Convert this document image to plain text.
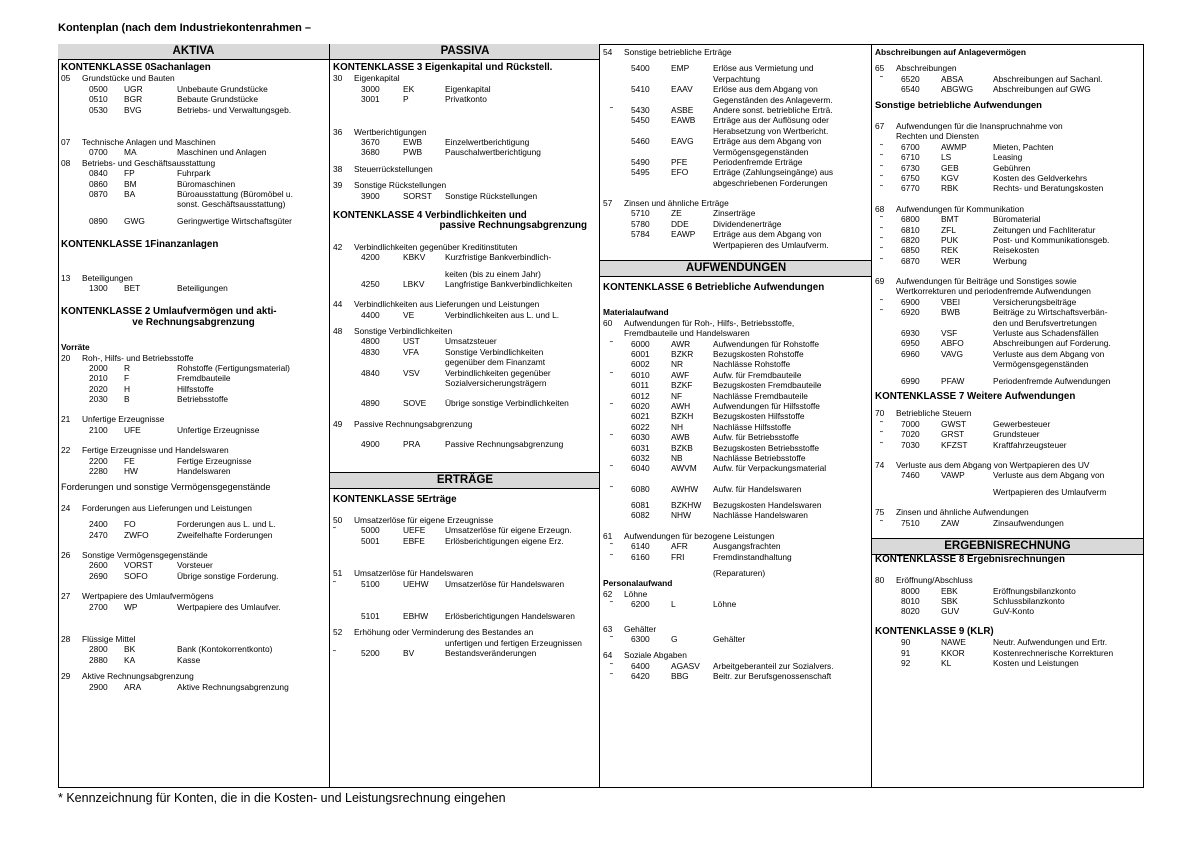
Kontenplan (nach dem Industriekontenrahmen –
AKTIVA
KONTENKLASSE 0Sachanlagen
05 Grundstücke und Bauten
0500 UGR	Unbebaute Grundstücke
0510 BGR	Bebaute Grundstücke
0530 BVG	Betriebs- und Verwaltungsgeb.
07 Technische Anlagen und Maschinen
0700 MA	Maschinen und Anlagen
08 Betriebs- und Geschäftsausstattung
0840 FP	Fuhrpark
0860 BM	Büromaschinen
0870 BA	Büroausstattung (Büromöbel u.
sonst. Geschäftsausstattung)
0890 GWG	Geringwertige Wirtschaftsgüter
KONTENKLASSE 1Finanzanlagen
13 Beteiligungen
1300 BET	Beteiligungen
KONTENKLASSE 2 Umlaufvermögen und akti-
ve Rechnungsabgrenzung
Vorräte
20 Roh-, Hilfs- und Betriebsstoffe
2000 R	Rohstoffe (Fertigungsmaterial)
2010 F	Fremdbauteile
2020 H	Hilfsstoffe
2030 B	Betriebsstoffe
21 Unfertige Erzeugnisse
2100 UFE	Unfertige Erzeugnisse
22 Fertige Erzeugnisse und Handelswaren
2200 FE	Fertige Erzeugnisse
2280 HW	Handelswaren
Forderungen und sonstige Vermögensgegenstände
24 Forderungen aus Lieferungen und Leistungen
2400 FO	Forderungen aus L. und L.
2470 ZWFO	Zweifelhafte Forderungen
26 Sonstige Vermögensgegenstände
2600 VORST	Vorsteuer
2690 SOFO	Übrige sonstige Forderung.
27 Wertpapiere des Umlaufvermögens
2700 WP	Wertpapiere des Umlaufver.
28 Flüssige Mittel
2800 BK	Bank (Kontokorrentkonto)
2880 KA	Kasse
29 Aktive Rechnungsabgrenzung
2900 ARA	Aktive Rechnungsabgrenzung
PASSIVA
KONTENKLASSE 3 Eigenkapital und Rückstell.
30 Eigenkapital
3000	EK	Eigenkapital
3001	P	Privatkonto
36 Wertberichtigungen
3670	EWB	Einzelwertberichtigung
3680	PWB	Pauschalwertberichtigung
38 Steuerrückstellungen
39 Sonstige Rückstellungen
3900	SORST Sonstige Rückstellungen
KONTENKLASSE 4 Verbindlichkeiten und
passive Rechnungsabgrenzung
42 Verbindlichkeiten gegenüber Kreditinstituten
4200	KBKV Kurzfristige Bankverbindlich-
keiten (bis zu einem Jahr)
4250	LBKV Langfristige Bankverbindlichkeiten
44 Verbindlichkeiten aus Lieferungen und Leistungen
4400	VE	Verbindlichkeiten aus L. und L.
48 Sonstige Verbindlichkeiten
4800	UST	Umsatzsteuer
4830	VFA	Sonstige Verbindlichkeiten
gegenüber dem Finanzamt
4840	VSV	Verbindlichkeiten gegenüber
Sozialversicherungsträgern
4890	SOVE Übrige sonstige Verbindlichkeiten
49 Passive Rechnungsabgrenzung
4900	PRA	Passive Rechnungsabgrenzung
ERTRÄGE
KONTENKLASSE 5Erträge
50 Umsatzerlöse für eigene Erzeugnisse
˜	5000	UEFE Umsatzerlöse für eigene Erzeugn.
5001	EBFE Erlösberichtigungen eigene Erz.
51 Umsatzerlöse für Handelswaren
˜	5100	UEHW Umsatzerlöse für Handelswaren
5101	EBHW Erlösberichtigungen Handelswaren
52 Erhöhung oder Verminderung des Bestandes an
unfertigen und fertigen Erzeugnissen
˜	5200	BV	Bestandsveränderungen
54 Sonstige betriebliche Erträge
5400	EMP	Erlöse aus Vermietung und
Verpachtung
5410	EAAV Erlöse aus dem Abgang von
Gegenständen des Anlageverm.
˜ 5430	ASBE Andere sonst. betriebliche Erträ.
5450	EAWB Erträge aus der Auflösung oder
Herabsetzung von Wertbericht.
5460	EAVG Erträge aus dem Abgang von
Vermögensgegenständen
5490	PFE	Periodenfremde Erträge
5495	EFO	Erträge (Zahlungseingänge) aus
abgeschriebenen Forderungen
57 Zinsen und ähnliche Erträge
5710	ZE	Zinserträge
5780	DDE	Dividendenerträge
5784	EAWP Erträge aus dem Abgang von
Wertpapieren des Umlaufverm.
AUFWENDUNGEN
KONTENKLASSE 6 Betriebliche Aufwendungen
Materialaufwand
60 Aufwendungen für Roh-, Hilfs-, Betriebsstoffe,
Fremdbauteile und Handelswaren
˜ 6000	AWR	Aufwendungen für Rohstoffe
6001	BZKR Bezugskosten Rohstoffe
6002	NR	Nachlässe Rohstoffe
˜ 6010	AWF	Aufw. für Fremdbauteile
6011	BZKF Bezugskosten Fremdbauteile
6012	NF	Nachlässe Fremdbauteile
˜ 6020	AWH	Aufwendungen für Hilfsstoffe
6021	BZKH Bezugskosten Hilfsstoffe
6022	NH	Nachlässe Hilfsstoffe
˜ 6030	AWB	Aufw. für Betriebsstoffe
6031	BZKB Bezugskosten Betriebsstoffe
6032	NB	Nachlässe Betriebsstoffe
˜ 6040	AWVM Aufw. für Verpackungsmaterial
˜ 6080	AWHW Aufw. für Handelswaren
6081	BZKHW Bezugskosten Handelswaren
6082	NHW	Nachlässe Handelswaren
61 Aufwendungen für bezogene Leistungen
˜ 6140	AFR	Ausgangsfrachten
˜ 6160	FRI	Fremdinstandhaltung
(Reparaturen)
Personalaufwand
62 Löhne
˜ 6200	L	Löhne
63 Gehälter
˜ 6300	G	Gehälter
64 Soziale Abgaben
˜ 6400	AGASV Arbeitgeberanteil zur Sozialvers.
˜ 6420	BBG	Beitr. zur Berufsgenossenschaft
Abschreibungen auf Anlagevermögen
65 Abschreibungen
˜ 6520	ABSA	Abschreibungen auf Sachanl.
6540	ABGWG Abschreibungen auf GWG
Sonstige betriebliche Aufwendungen
67 Aufwendungen für die Inanspruchnahme von
Rechten und Diensten
˜ 6700	AWMP	Mieten, Pachten
˜ 6710	LS	Leasing
˜ 6730	GEB	Gebühren
˜ 6750	KGV	Kosten des Geldverkehrs
˜ 6770	RBK	Rechts- und Beratungskosten
68 Aufwendungen für Kommunikation
˜ 6800	BMT	Büromaterial
˜ 6810	ZFL	Zeitungen und Fachliteratur
˜ 6820	PUK	Post- und Kommunikationsgeb.
˜ 6850	REK	Reisekosten
˜ 6870	WER	Werbung
69 Aufwendungen für Beiträge und Sonstiges sowie
Wertkorrekturen und periodenfremde Aufwendungen
˜ 6900	VBEI	Versicherungsbeiträge
˜ 6920	BWB	Beiträge zu Wirtschaftsverbän-
den und Berufsvertretungen
6930	VSF	Verluste aus Schadensfällen
6950	ABFO	Abschreibungen auf Forderung.
6960	VAVG	Verluste aus dem Abgang von
Vermögensgegenständen
6990	PFAW	Periodenfremde Aufwendungen
KONTENKLASSE 7 Weitere Aufwendungen
70 Betriebliche Steuern
˜ 7000	GWST	Gewerbesteuer
˜ 7020	GRST	Grundsteuer
˜ 7030	KFZST	Kraftfahrzeugsteuer
74 Verluste aus dem Abgang von Wertpapieren des UV
7460	VAWP	Verluste aus dem Abgang von
Wertpapieren des Umlaufverm
75 Zinsen und ähnliche Aufwendungen
˜ 7510	ZAW	Zinsaufwendungen
ERGEBNISRECHNUNG
KONTENKLASSE 8 Ergebnisrechnungen
80 Eröffnung/Abschluss
8000	EBK	Eröffnungsbilanzkonto
8010	SBK	Schlussbilanzkonto
8020	GUV	GuV-Konto
KONTENKLASSE 9 (KLR)
90	NAWE	Neutr. Aufwendungen und Ertr.
91	KKOR	Kostenrechnerische Korrekturen
92	KL	Kosten und Leistungen
* Kennzeichnung für Konten, die in die Kosten- und Leistungsrechnung eingehen
